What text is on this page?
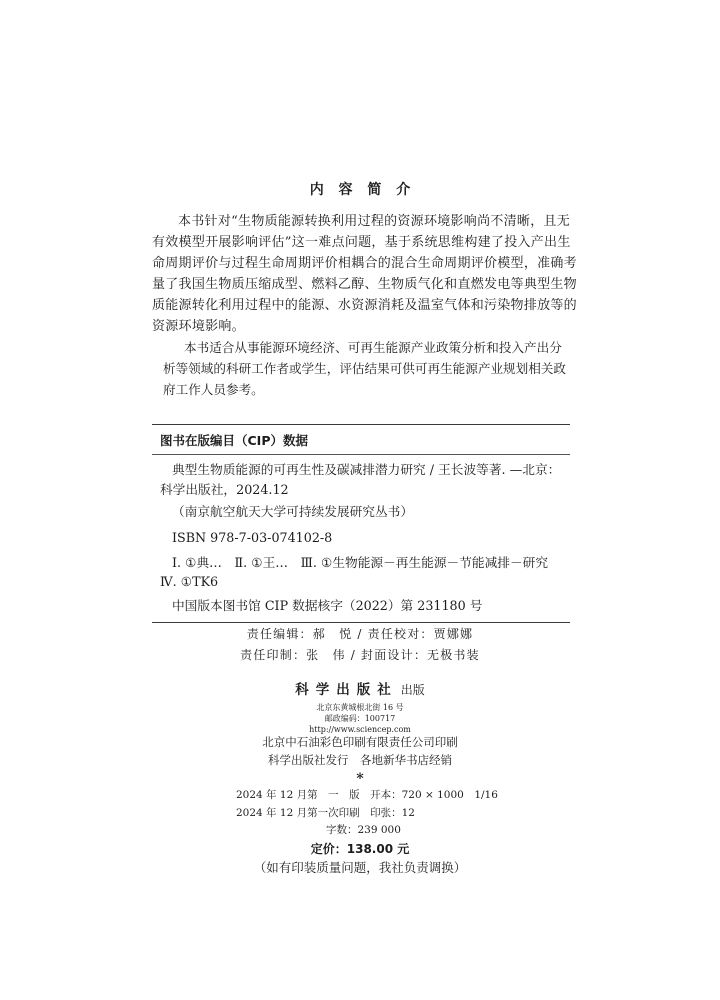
内 容 简 介
本书针对“生物质能源转换利用过程的资源环境影响尚不清晰，且无
有效模型开展影响评估”这一难点问题，基于系统思维构建了投入产出生
命周期评价与过程生命周期评价相耦合的混合生命周期评价模型，准确考
量了我国生物质压缩成型、燃料乙醇、生物质气化和直燃发电等典型生物
质能源转化利用过程中的能源、水资源消耗及温室气体和污染物排放等的
资源环境影响。
本书适合从事能源环境经济、可再生能源产业政策分析和投入产出分
析等领域的科研工作者或学生，评估结果可供可再生能源产业规划相关政
府工作人员参考。
图书在版编目（CIP）数据
典型生物质能源的可再生性及碳减排潜力研究 / 王长波等著. —北京：
科学出版社，2024.12
（南京航空航天大学可持续发展研究丛书）
ISBN 978-7-03-074102-8
Ⅰ. ①典…　Ⅱ. ①王…　Ⅲ. ①生物能源－再生能源－节能减排－研究
Ⅳ. ①TK6
中国版本图书馆 CIP 数据核字（2022）第 231180 号
责任编辑：郝　悦 / 责任校对：贾娜娜
责任印制：张　伟 / 封面设计：无极书装
科学出版社 出版
北京东黄城根北街 16 号
邮政编码：100717
http://www.sciencep.com
北京中石油彩色印刷有限责任公司印刷
科学出版社发行　各地新华书店经销
*
2024 年 12 月第　一　版　开本：720 × 1000　1/16
2024 年 12 月第一次印刷　印张：12
字数：239 000
定价：138.00 元
（如有印装质量问题，我社负责调换）
